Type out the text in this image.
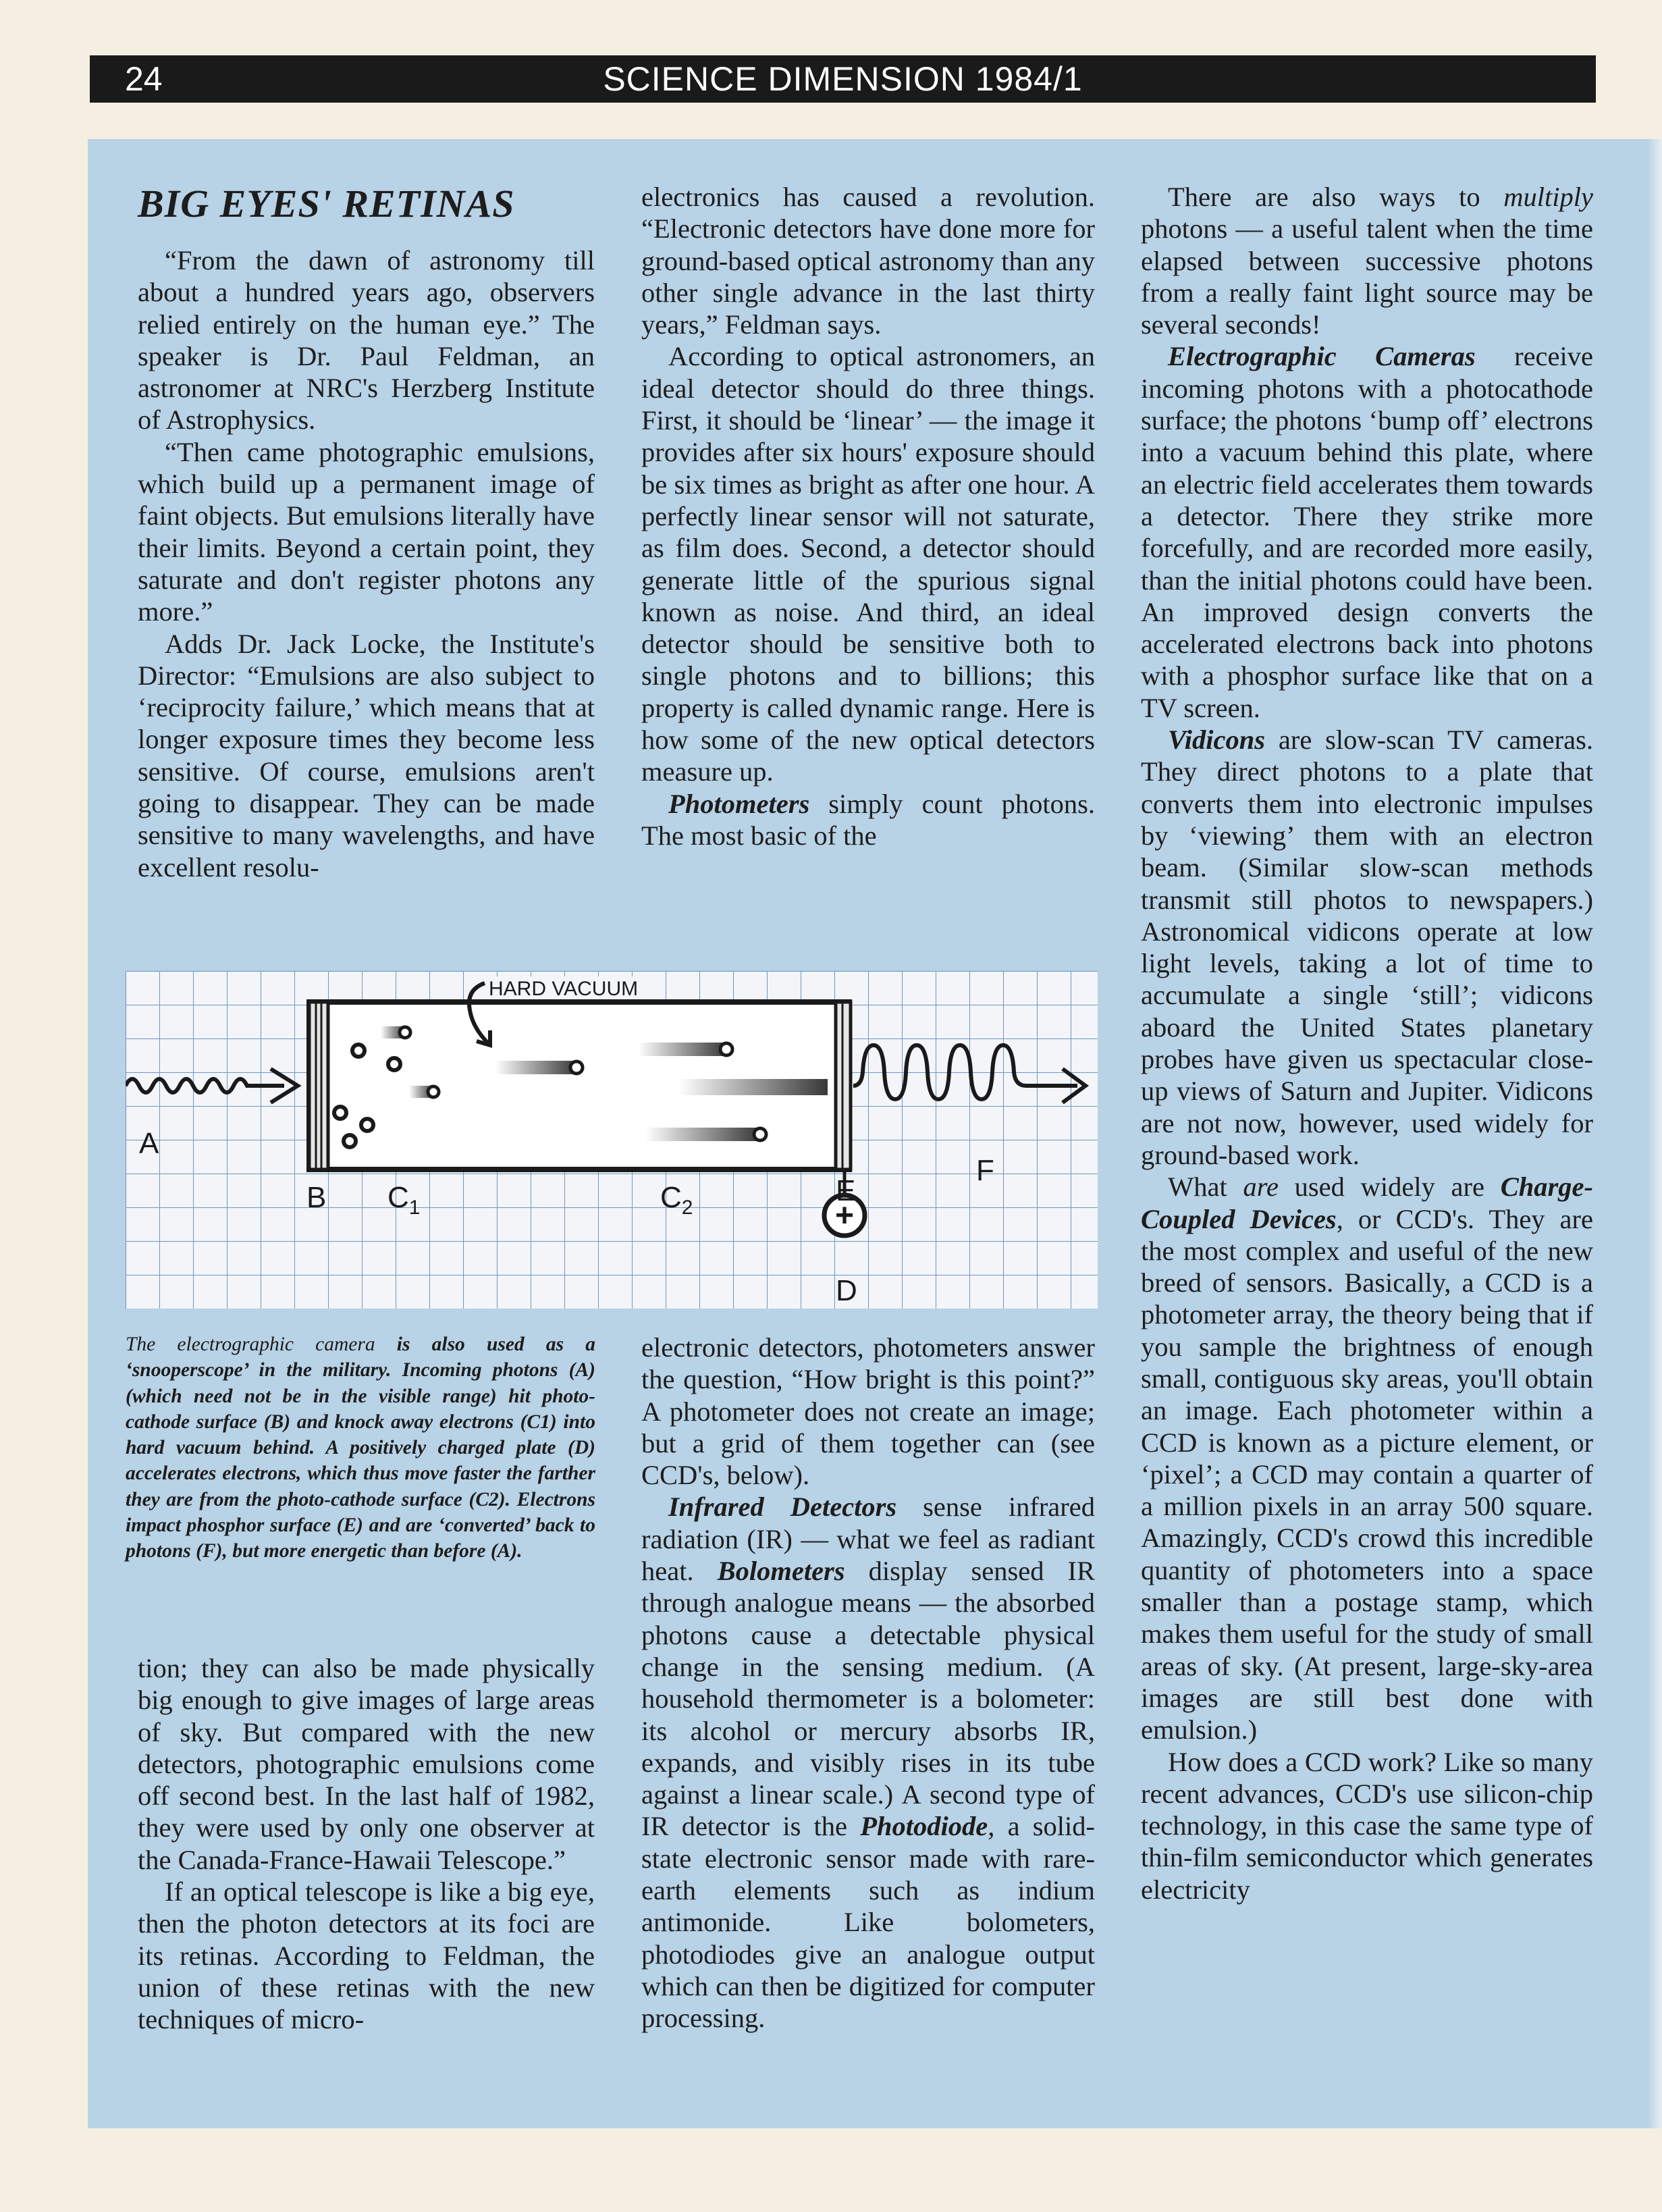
24	SCIENCE DIMENSION 1984/1
BIG EYES' RETINAS

“From the dawn of astronomy till about a hundred years ago, observers relied entirely on the human eye.” The speaker is Dr. Paul Feldman, an astronomer at NRC's Herzberg Institute of Astrophysics.

“Then came photographic emulsions, which build up a permanent image of faint objects. But emulsions literally have their limits. Beyond a certain point, they saturate and don't register photons any more.”

Adds Dr. Jack Locke, the Institute's Director: “Emulsions are also subject to ‘reciprocity failure,’ which means that at longer exposure times they become less sensitive. Of course, emulsions aren't going to disappear. They can be made sensitive to many wavelengths, and have excellent resolu-

tion; they can also be made physically big enough to give images of large areas of sky. But compared with the new detectors, photographic emulsions come off second best. In the last half of 1982, they were used by only one observer at the Canada-France-Hawaii Telescope.”

If an optical telescope is like a big eye, then the photon detectors at its foci are its retinas. According to Feldman, the union of these retinas with the new techniques of micro-

electronics has caused a revolution. “Electronic detectors have done more for ground-based optical astronomy than any other single advance in the last thirty years,” Feldman says.

According to optical astronomers, an ideal detector should do three things. First, it should be ‘linear’ — the image it provides after six hours' exposure should be six times as bright as after one hour. A perfectly linear sensor will not saturate, as film does. Second, a detector should generate little of the spurious signal known as noise. And third, an ideal detector should be sensitive both to single photons and to billions; this property is called dynamic range. Here is how some of the new optical detectors measure up.

Photometers simply count photons. The most basic of the

electronic detectors, photometers answer the question, “How bright is this point?” A photometer does not create an image; but a grid of them together can (see CCD's, below).

Infrared Detectors sense infrared radiation (IR) — what we feel as radiant heat. Bolometers display sensed IR through analogue means — the absorbed photons cause a detectable physical change in the sensing medium. (A household thermometer is a bolometer: its alcohol or mercury absorbs IR, expands, and visibly rises in its tube against a linear scale.) A second type of IR detector is the Photodiode, a solid-state electronic sensor made with rare-earth elements such as indium antimonide. Like bolometers, photodiodes give an analogue output which can then be digitized for computer processing.

There are also ways to multiply photons — a useful talent when the time elapsed between successive photons from a really faint light source may be several seconds!

Electrographic Cameras receive incoming photons with a photocathode surface; the photons ‘bump off’ electrons into a vacuum behind this plate, where an electric field accelerates them towards a detector. There they strike more forcefully, and are recorded more easily, than the initial photons could have been. An improved design converts the accelerated electrons back into photons with a phosphor surface like that on a TV screen.

Vidicons are slow-scan TV cameras. They direct photons to a plate that converts them into electronic impulses by ‘viewing’ them with an electron beam. (Similar slow-scan methods transmit still photos to newspapers.) Astronomical vidicons operate at low light levels, taking a lot of time to accumulate a single ‘still’; vidicons aboard the United States planetary probes have given us spectacular close-up views of Saturn and Jupiter. Vidicons are not now, however, used widely for ground-based work.

What are used widely are Charge-Coupled Devices, or CCD's. They are the most complex and useful of the new breed of sensors. Basically, a CCD is a photometer array, the theory being that if you sample the brightness of enough small, contiguous sky areas, you'll obtain an image. Each photometer within a CCD is known as a picture element, or ‘pixel’; a CCD may contain a quarter of a million pixels in an array 500 square. Amazingly, CCD's crowd this incredible quantity of photometers into a space smaller than a postage stamp, which makes them useful for the study of small areas of sky. (At present, large-sky-area images are still best done with emulsion.)

How does a CCD work? Like so many recent advances, CCD's use silicon-chip technology, in this case the same type of thin-film semiconductor which generates electricity

HARD VACUUM
+
A
B $C_1$	$C_2$
E
D
F
The electrographic camera is also used as a ‘snooperscope’ in the military. Incoming photons (A) (which need not be in the visible range) hit photo-cathode surface (B) and knock away electrons (C1) into hard vacuum behind. A positively charged plate (D) accelerates electrons, which thus move faster the farther they are from the photo-cathode surface (C2). Electrons impact phosphor surface (E) and are ‘converted’ back to photons (F), but more energetic than before (A).
